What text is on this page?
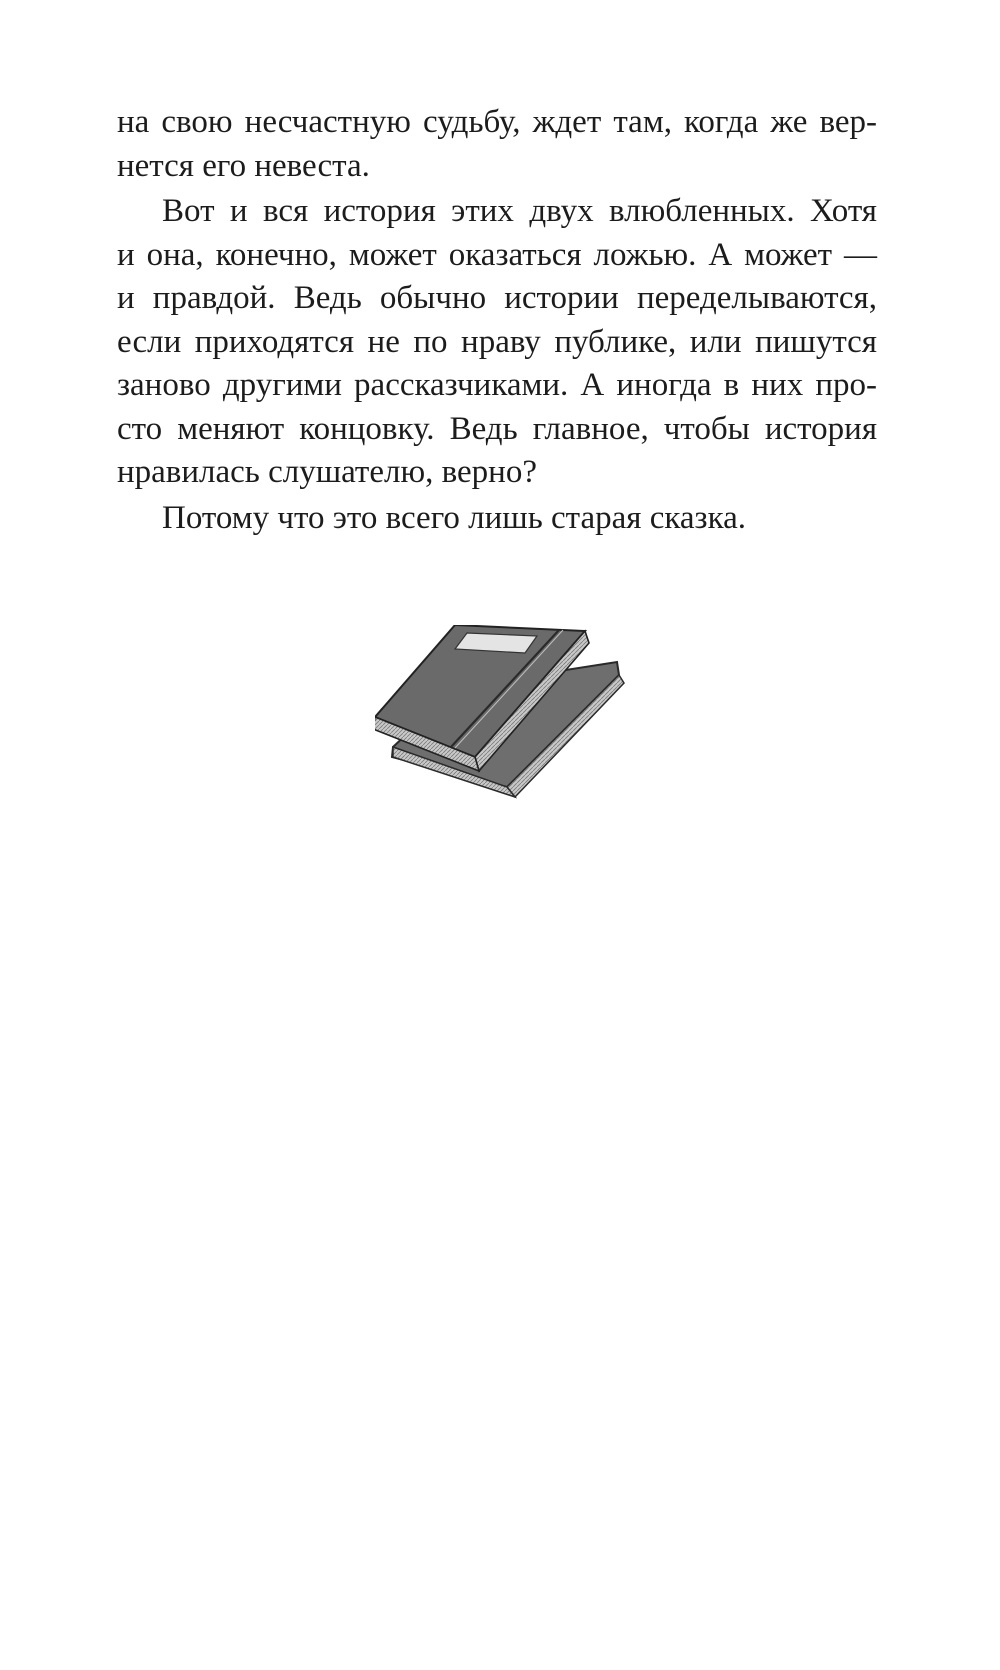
на свою несчастную судьбу, ждет там, когда же вер-
нется его невеста.
Вот и вся история этих двух влюбленных. Хотя
и она, конечно, может оказаться ложью. А может —
и правдой. Ведь обычно истории переделываются,
если приходятся не по нраву публике, или пишутся
заново другими рассказчиками. А иногда в них про-
сто меняют концовку. Ведь главное, чтобы история
нравилась слушателю, верно?
Потому что это всего лишь старая сказка.
